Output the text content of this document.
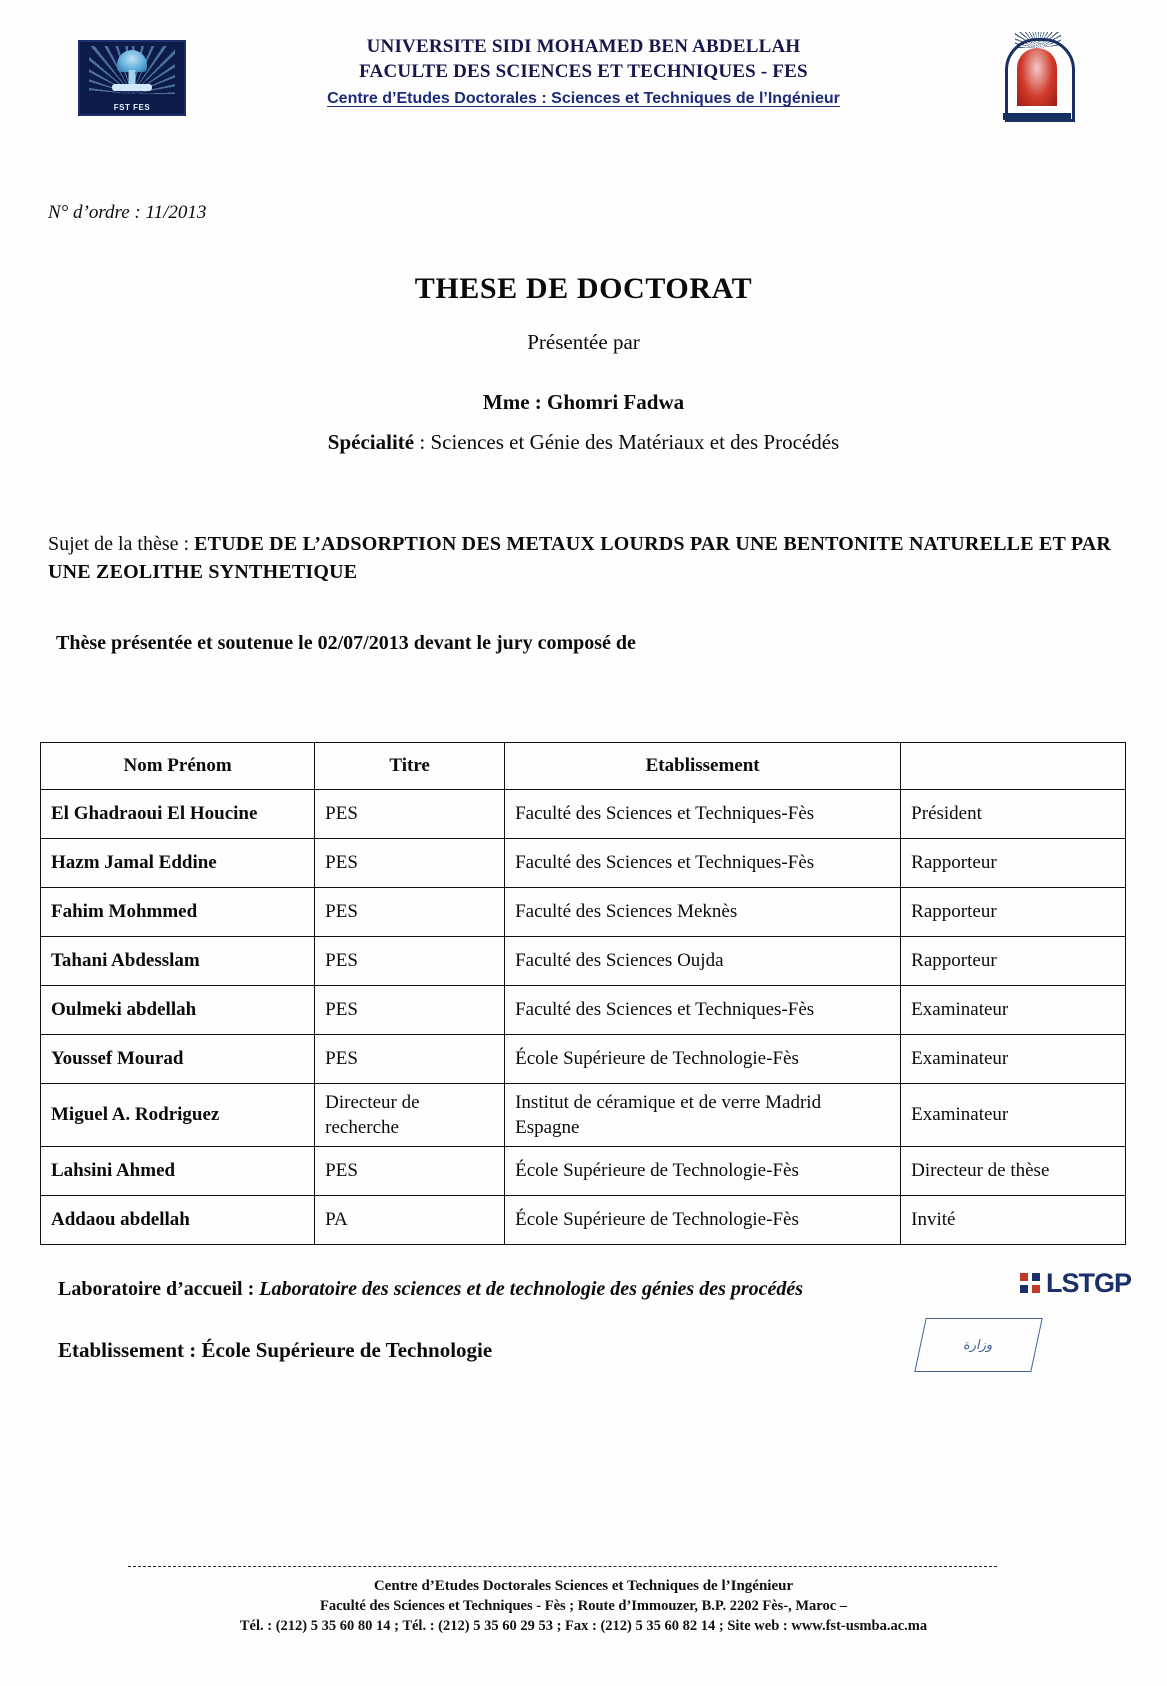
FST FES
UNIVERSITE SIDI MOHAMED BEN ABDELLAH
FACULTE DES SCIENCES ET TECHNIQUES - FES
Centre d’Etudes Doctorales : Sciences et Techniques de l’Ingénieur
N° d’ordre : 11/2013
THESE DE DOCTORAT
Présentée par
Mme : Ghomri Fadwa
Spécialité : Sciences et Génie des Matériaux et des Procédés
Sujet de la thèse : ETUDE DE L’ADSORPTION DES METAUX LOURDS PAR UNE BENTONITE NATURELLE ET PAR UNE ZEOLITHE SYNTHETIQUE
Thèse présentée et soutenue le 02/07/2013 devant le jury composé de
Nom Prénom	Titre	Etablissement	
El Ghadraoui El Houcine	PES	Faculté des Sciences et Techniques-Fès	Président
Hazm Jamal Eddine	PES	Faculté des Sciences et Techniques-Fès	Rapporteur
Fahim Mohmmed	PES	Faculté des Sciences Meknès	Rapporteur
Tahani Abdesslam	PES	Faculté des Sciences Oujda	Rapporteur
Oulmeki abdellah	PES	Faculté des Sciences et Techniques-Fès	Examinateur
Youssef Mourad	PES	École Supérieure de Technologie-Fès	Examinateur
Miguel A. Rodriguez	Directeur de recherche	Institut de céramique et de verre Madrid Espagne	Examinateur
Lahsini Ahmed	PES	École Supérieure de Technologie-Fès	Directeur de thèse
Addaou abdellah	PA	École Supérieure de Technologie-Fès	Invité
Laboratoire d’accueil : Laboratoire des sciences et de technologie des génies des procédés
Etablissement : École Supérieure de Technologie
LSTGP
وزارة
Centre d’Etudes Doctorales Sciences et Techniques de l’Ingénieur
Faculté des Sciences et Techniques - Fès ; Route d’Immouzer, B.P. 2202 Fès-, Maroc –
Tél. : (212) 5 35 60 80 14 ; Tél. : (212) 5 35 60 29 53 ; Fax : (212) 5 35 60 82 14 ; Site web : www.fst-usmba.ac.ma
